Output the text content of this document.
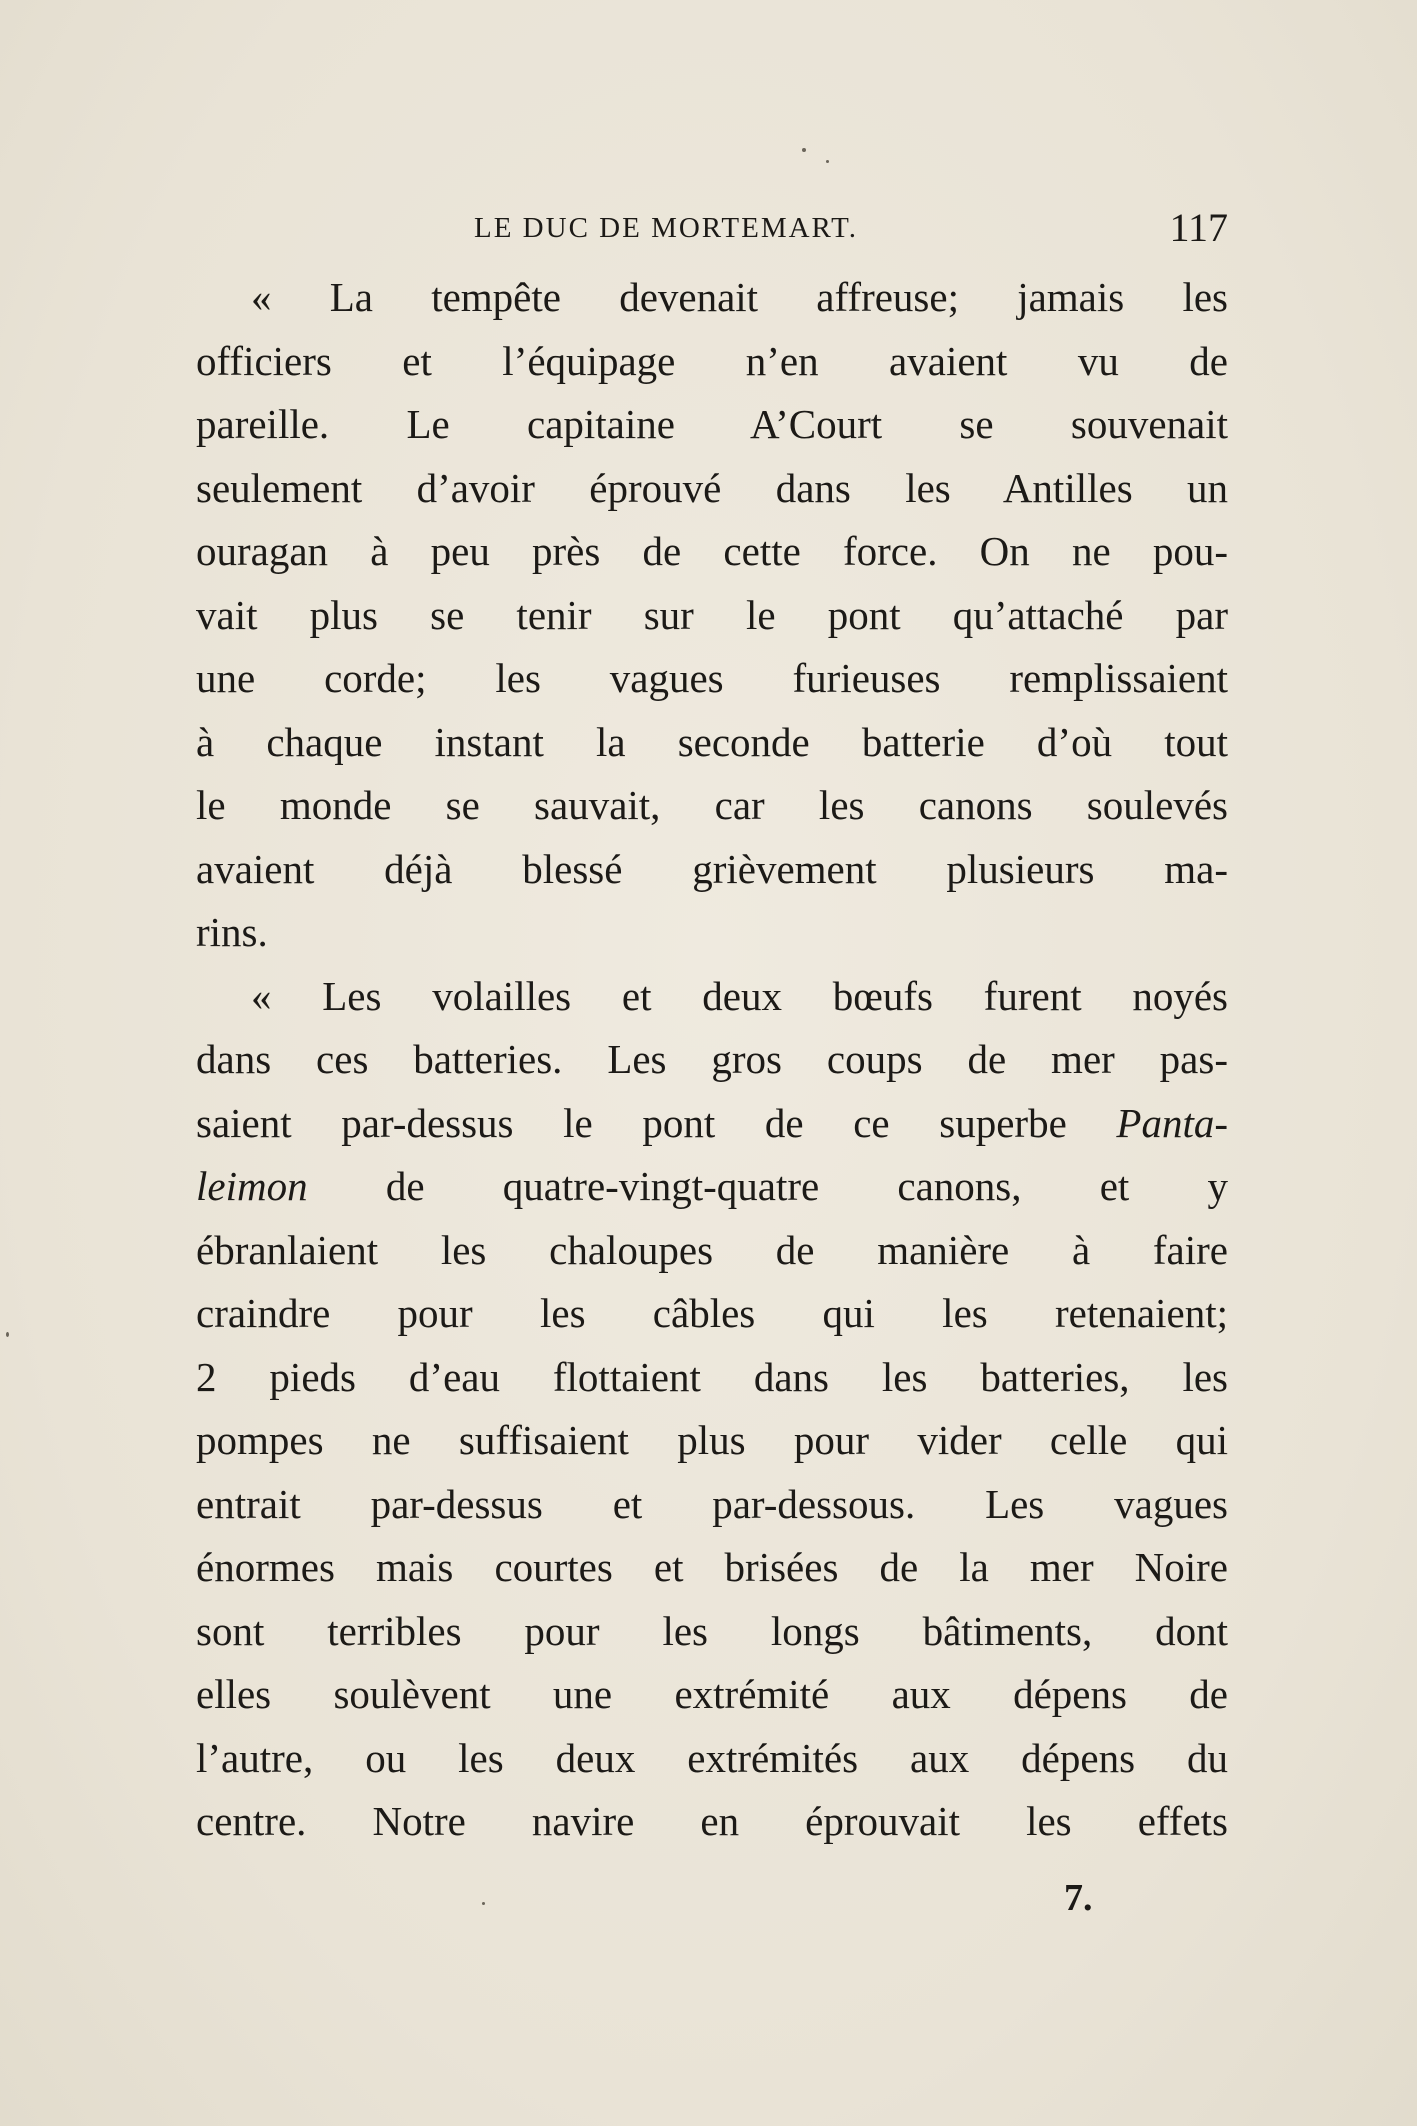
LE DUC DE MORTEMART.	117
« La tempête devenait affreuse; jamais les
officiers et l’équipage n’en avaient vu de
pareille. Le capitaine A’Court se souvenait
seulement d’avoir éprouvé dans les Antilles un
ouragan à peu près de cette force. On ne pou-
vait plus se tenir sur le pont qu’attaché par
une corde; les vagues furieuses remplissaient
à chaque instant la seconde batterie d’où tout
le monde se sauvait, car les canons soulevés
avaient déjà blessé grièvement plusieurs ma-
rins.
« Les volailles et deux bœufs furent noyés
dans ces batteries. Les gros coups de mer pas-
saient par-dessus le pont de ce superbe Panta-
leimon de quatre-vingt-quatre canons, et y
ébranlaient les chaloupes de manière à faire
craindre pour les câbles qui les retenaient;
2 pieds d’eau flottaient dans les batteries, les
pompes ne suffisaient plus pour vider celle qui
entrait par-dessus et par-dessous. Les vagues
énormes mais courtes et brisées de la mer Noire
sont terribles pour les longs bâtiments, dont
elles soulèvent une extrémité aux dépens de
l’autre, ou les deux extrémités aux dépens du
centre. Notre navire en éprouvait les effets
7.
